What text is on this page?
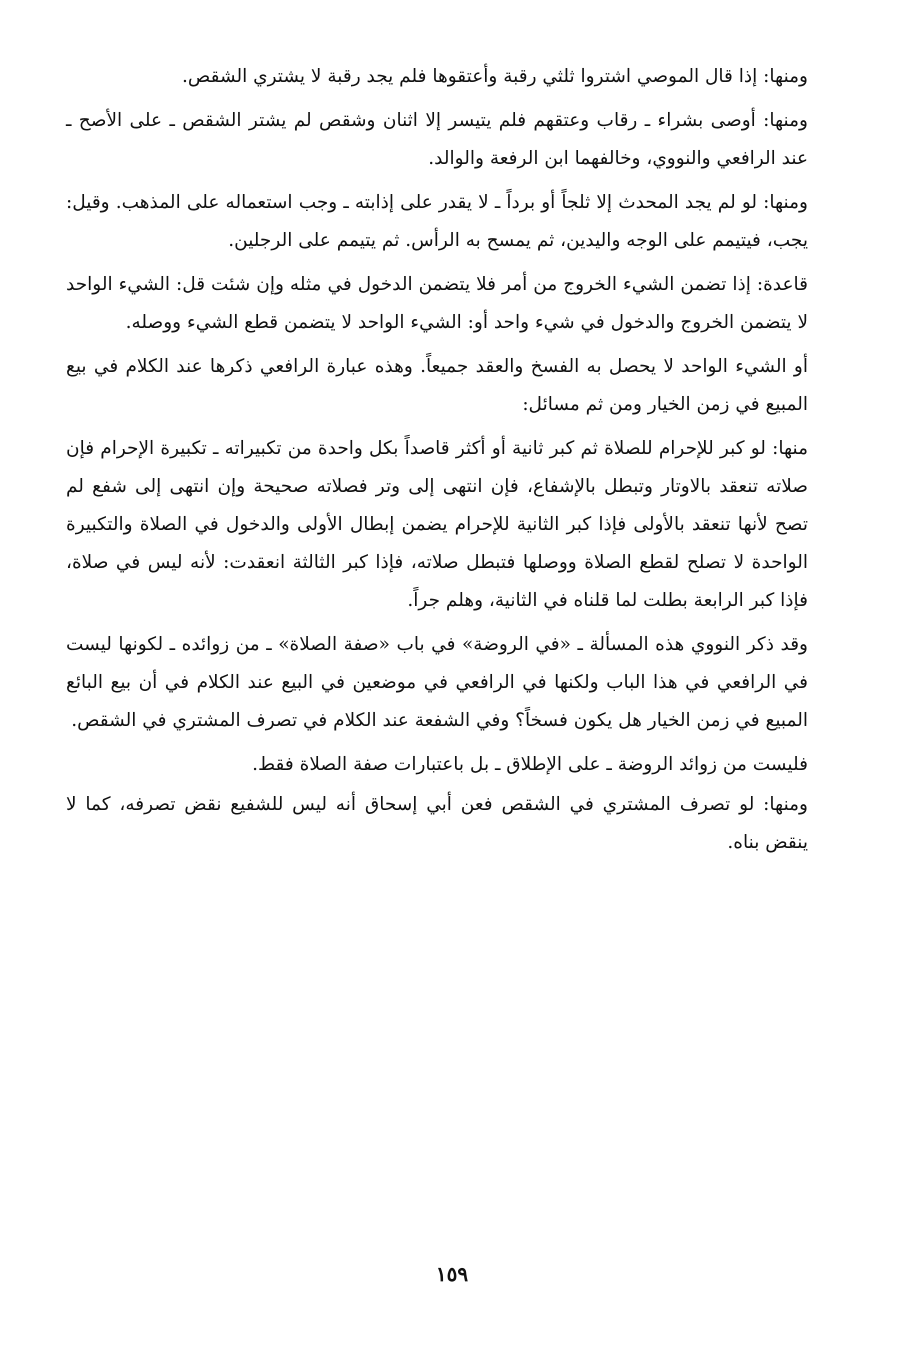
ومنها: إذا قال الموصي اشتروا ثلثي رقبة وأعتقوها فلم يجد رقبة لا يشتري الشقص.

ومنها: أوصى بشراء ـ رقاب وعتقهم فلم يتيسر إلا اثنان وشقص لم يشتر الشقص ـ على الأصح ـ عند الرافعي والنووي، وخالفهما ابن الرفعة والوالد.

ومنها: لو لم يجد المحدث إلا ثلجاً أو برداً ـ لا يقدر على إذابته ـ وجب استعماله على المذهب. وقيل: يجب، فيتيمم على الوجه واليدين، ثم يمسح به الرأس. ثم يتيمم على الرجلين.

قاعدة: إذا تضمن الشيء الخروج من أمر فلا يتضمن الدخول في مثله وإن شئت قل: الشيء الواحد لا يتضمن الخروج والدخول في شيء واحد أو: الشيء الواحد لا يتضمن قطع الشيء ووصله.

أو الشيء الواحد لا يحصل به الفسخ والعقد جميعاً. وهذه عبارة الرافعي ذكرها عند الكلام في بيع المبيع في زمن الخيار ومن ثم مسائل:

منها: لو كبر للإحرام للصلاة ثم كبر ثانية أو أكثر قاصداً بكل واحدة من تكبيراته ـ تكبيرة الإحرام فإن صلاته تنعقد بالاوتار وتبطل بالإشفاع، فإن انتهى إلى وتر فصلاته صحيحة وإن انتهى إلى شفع لم تصح لأنها تنعقد بالأولى فإذا كبر الثانية للإحرام يضمن إبطال الأولى والدخول في الصلاة والتكبيرة الواحدة لا تصلح لقطع الصلاة ووصلها فتبطل صلاته، فإذا كبر الثالثة انعقدت: لأنه ليس في صلاة، فإذا كبر الرابعة بطلت لما قلناه في الثانية، وهلم جراً.

وقد ذكر النووي هذه المسألة ـ «في الروضة» في باب «صفة الصلاة» ـ من زوائده ـ لكونها ليست في الرافعي في هذا الباب ولكنها في الرافعي في موضعين في البيع عند الكلام في أن بيع البائع المبيع في زمن الخيار هل يكون فسخاً؟ وفي الشفعة عند الكلام في تصرف المشتري في الشقص.

فليست من زوائد الروضة ـ على الإطلاق ـ بل باعتبارات صفة الصلاة فقط.

ومنها: لو تصرف المشتري في الشقص فعن أبي إسحاق أنه ليس للشفيع نقض تصرفه، كما لا ينقض بناه.

١٥٩
